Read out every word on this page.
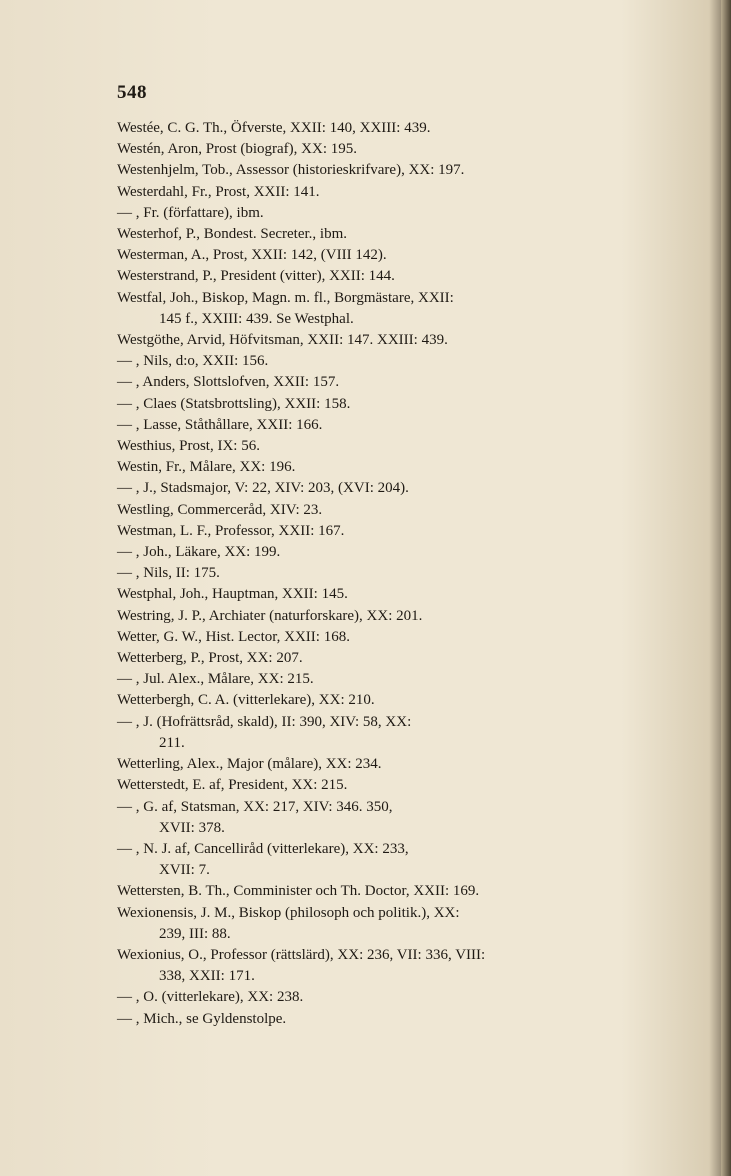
548
Westée, C. G. Th., Öfverste, XXII: 140, XXIII: 439.
Westén, Aron, Prost (biograf), XX: 195.
Westenhjelm, Tob., Assessor (historieskrifvare), XX: 197.
Westerdahl, Fr., Prost, XXII: 141.
— , Fr. (författare), ibm.
Westerhof, P., Bondest. Secreter., ibm.
Westerman, A., Prost, XXII: 142, (VIII 142).
Westerstrand, P., President (vitter), XXII: 144.
Westfal, Joh., Biskop, Magn. m. fl., Borgmästare, XXII:
145 f., XXIII: 439. Se Westphal.
Westgöthe, Arvid, Höfvitsman, XXII: 147. XXIII: 439.
— , Nils, d:o, XXII: 156.
— , Anders, Slottslofven, XXII: 157.
— , Claes (Statsbrottsling), XXII: 158.
— , Lasse, Ståthållare, XXII: 166.
Westhius, Prost, IX: 56.
Westin, Fr., Målare, XX: 196.
— , J., Stadsmajor, V: 22, XIV: 203, (XVI: 204).
Westling, Commerceråd, XIV: 23.
Westman, L. F., Professor, XXII: 167.
— , Joh., Läkare, XX: 199.
— , Nils, II: 175.
Westphal, Joh., Hauptman, XXII: 145.
Westring, J. P., Archiater (naturforskare), XX: 201.
Wetter, G. W., Hist. Lector, XXII: 168.
Wetterberg, P., Prost, XX: 207.
— , Jul. Alex., Målare, XX: 215.
Wetterbergh, C. A. (vitterlekare), XX: 210.
— , J. (Hofrättsråd, skald), II: 390, XIV: 58, XX:
211.
Wetterling, Alex., Major (målare), XX: 234.
Wetterstedt, E. af, President, XX: 215.
— , G. af, Statsman, XX: 217, XIV: 346. 350,
XVII: 378.
— , N. J. af, Cancelliråd (vitterlekare), XX: 233,
XVII: 7.
Wettersten, B. Th., Comminister och Th. Doctor, XXII: 169.
Wexionensis, J. M., Biskop (philosoph och politik.), XX:
239, III: 88.
Wexionius, O., Professor (rättslärd), XX: 236, VII: 336, VIII:
338, XXII: 171.
— , O. (vitterlekare), XX: 238.
— , Mich., se Gyldenstolpe.
